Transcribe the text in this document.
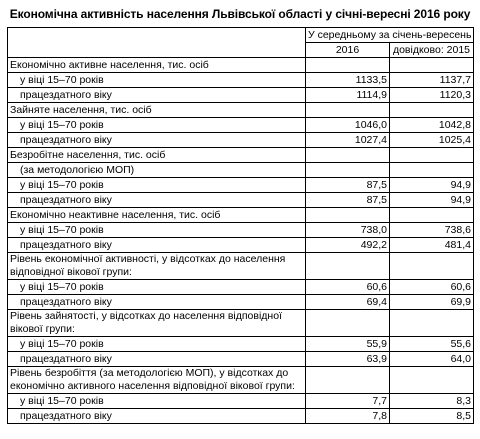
Економічна активність населення Львівської області у січні-вересні 2016 року
	У середньому за січень-вересень	
	2016	довідково: 2015
Економічно активне населення, тис. осіб		
у віці 15–70 років	1133,5	1137,7
працездатного віку	1114,9	1120,3
Зайняте населення, тис. осіб		
у віці 15–70 років	1046,0	1042,8
працездатного віку	1027,4	1025,4
Безробітне населення, тис. осіб		
(за методологією МОП)		
у віці 15–70 років	87,5	94,9
працездатного віку	87,5	94,9
Економічно неактивне населення, тис. осіб		
у віці 15–70 років	738,0	738,6
працездатного віку	492,2	481,4
Рівень економічної активності, у відсотках до населення відповідної вікової групи:		
у віці 15–70 років	60,6	60,6
працездатного віку	69,4	69,9
Рівень зайнятості, у відсотках до населення відповідної вікової групи:		
у віці 15–70 років	55,9	55,6
працездатного віку	63,9	64,0
Рівень безробіття (за методологією МОП), у відсотках до економічно активного населення відповідної вікової групи:		
у віці 15–70 років	7,7	8,3
працездатного віку	7,8	8,5
